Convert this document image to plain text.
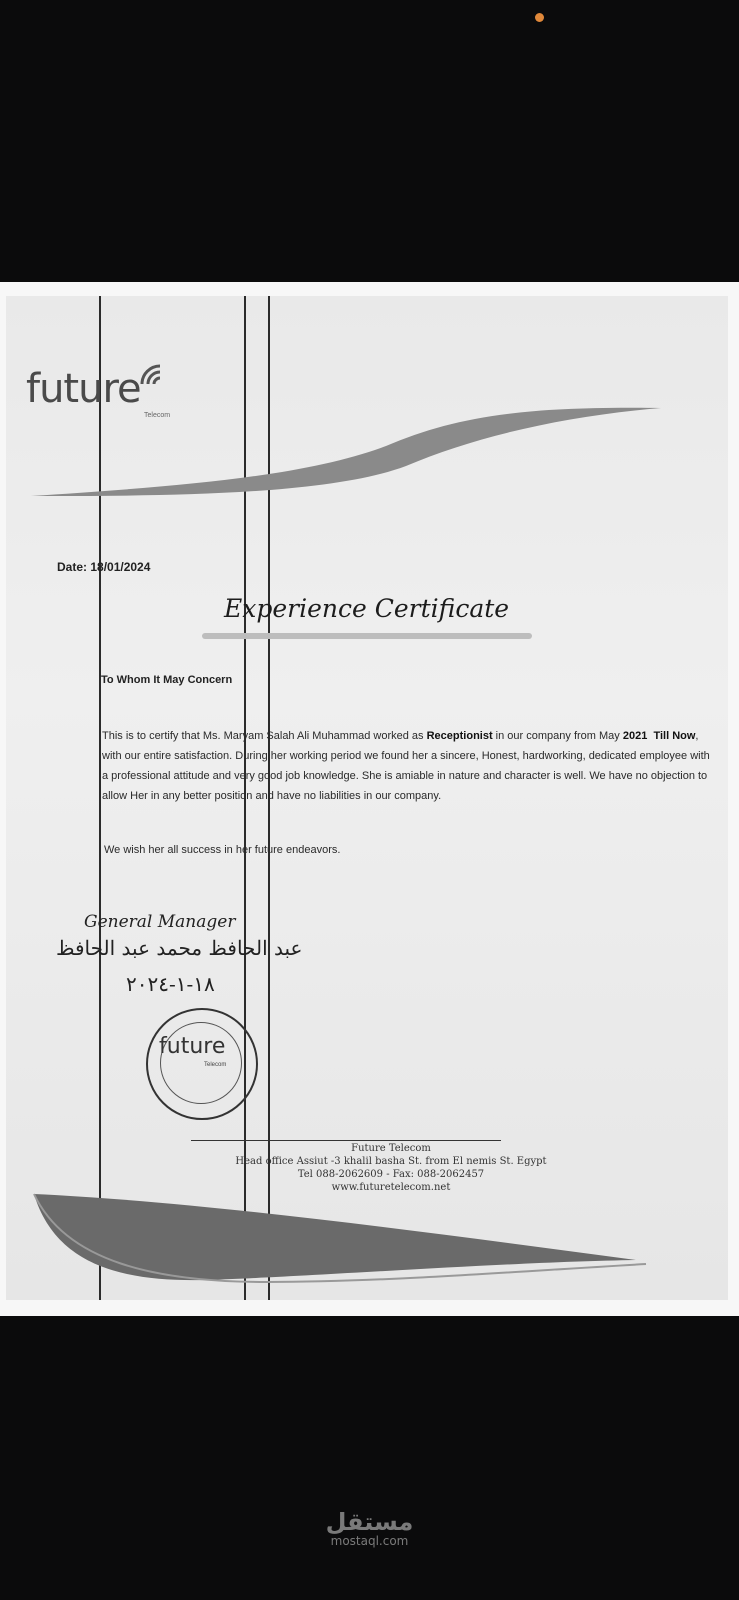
future
Telecom
Date: 18/01/2024
Experience Certificate
To Whom It May Concern
This is to certify that Ms. Maryam Salah Ali Muhammad worked as Receptionist in our company from May 2021 Till Now, with our entire satisfaction. During her working period we found her a sincere, Honest, hardworking, dedicated employee with a professional attitude and very good job knowledge. She is amiable in nature and character is well. We have no objection to allow Her in any better position and have no liabilities in our company.
We wish her all success in her future endeavors.
General Manager
عبد الحافظ محمد عبد الحافظ
١٨-١-٢٠٢٤
future
Telecom
Future Telecom
Head office Assiut -3 khalil basha St. from El nemis St. Egypt
Tel 088-2062609 - Fax: 088-2062457
www.futuretelecom.net
مستقل
mostaql.com
